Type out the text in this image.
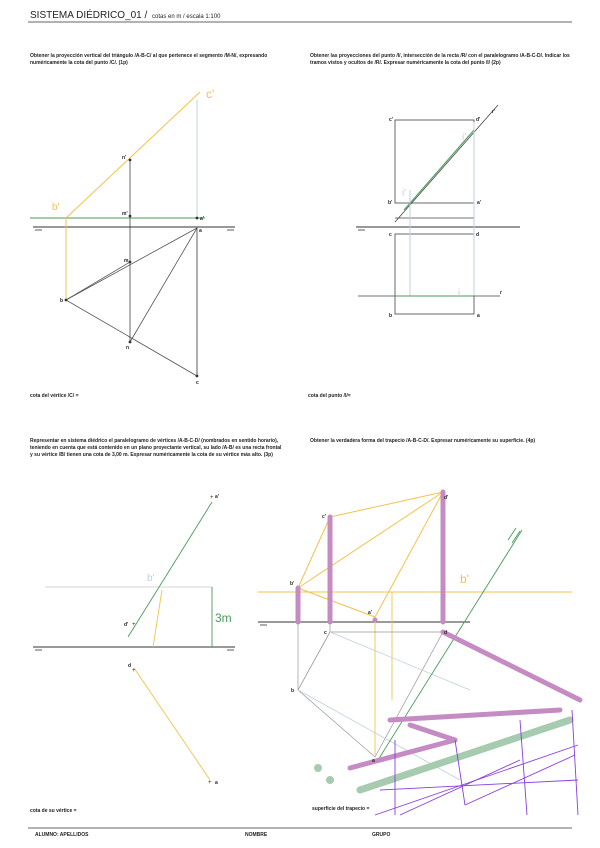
SISTEMA DIÉDRICO_01 / cotas en m / escala 1:100
Obtener la proyección vertical del triángulo /A-B-C/ al que pertenece el segmento /M-N/, expresando numéricamente la cota del punto /C/. (1p)
Obtener las proyecciones del punto /I/, intersección de la recta /R/ con el paralelogramo /A-B-C-D/. Indicar los tramos vistos y ocultos de /R/. Expresar numéricamente la cota del punto /I/ (2p)
Representar en sistema diédrico el paralelogramo de vértices /A-B-C-D/ (nombrados en sentido horario), teniendo en cuenta que está contenido en un plano proyectante vertical, su lado /A-B/ es una recta frontal y su vértice /B/ tienen una cota de 3,00 m. Expresar numéricamente la cota de su vértice más alto. (3p)
Obtener la verdadera forma del trapecio /A-B-C-D/. Expresar numéricamente su superficie. (4p)
cota del vértice /C/ =	cota del punto /I/=
cota de su vértice =	superficie del trapecio =
ALUMNO: APELLIDOS	NOMBRE	GRUPO
c'
b'
n'
m'
a'
a
m
b
n
c
i'
i'
i
c'	d'
r'
b'	a'
c	d
r
b	a
3m
b'
+
+
+
+
a'
d'
d
a
b'
d'
c'
b'
a'
c	d
b
a
